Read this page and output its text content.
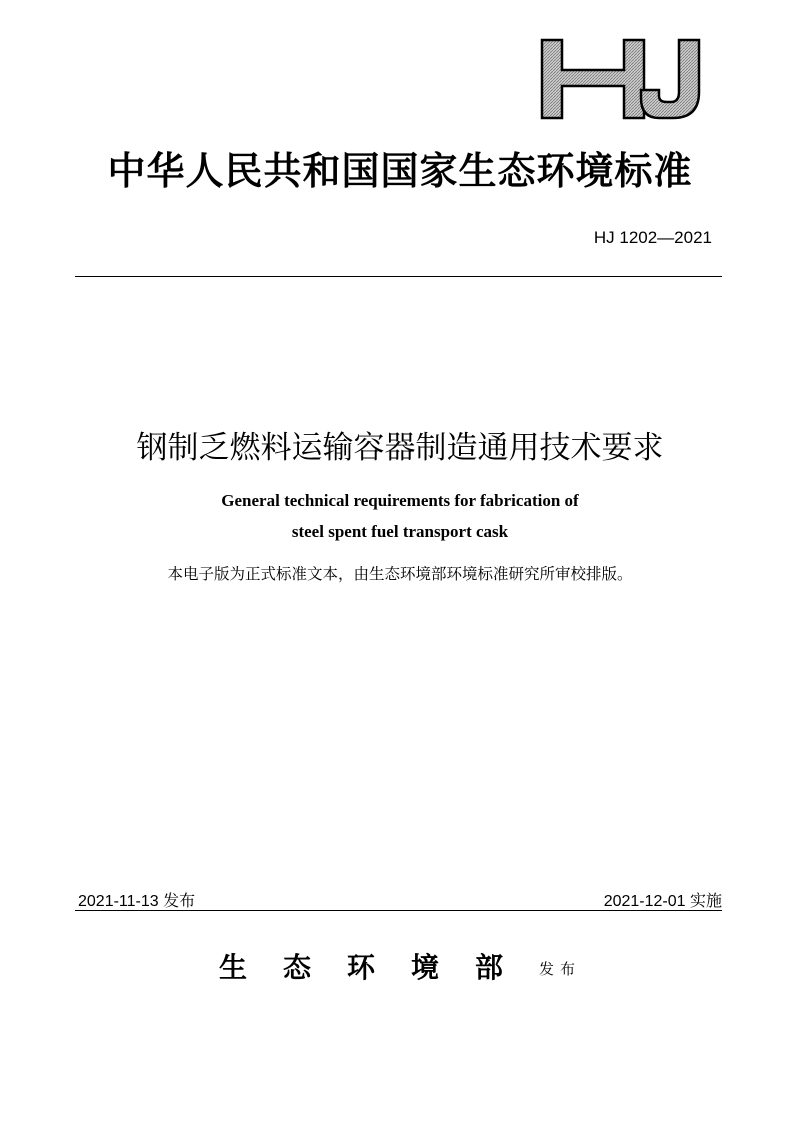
中华人民共和国国家生态环境标准
HJ 1202—2021
钢制乏燃料运输容器制造通用技术要求
General technical requirements for fabrication of
steel spent fuel transport cask
本电子版为正式标准文本，由生态环境部环境标准研究所审校排版。
2021-11-13 发布	2021-12-01 实施
生态环境部发布
